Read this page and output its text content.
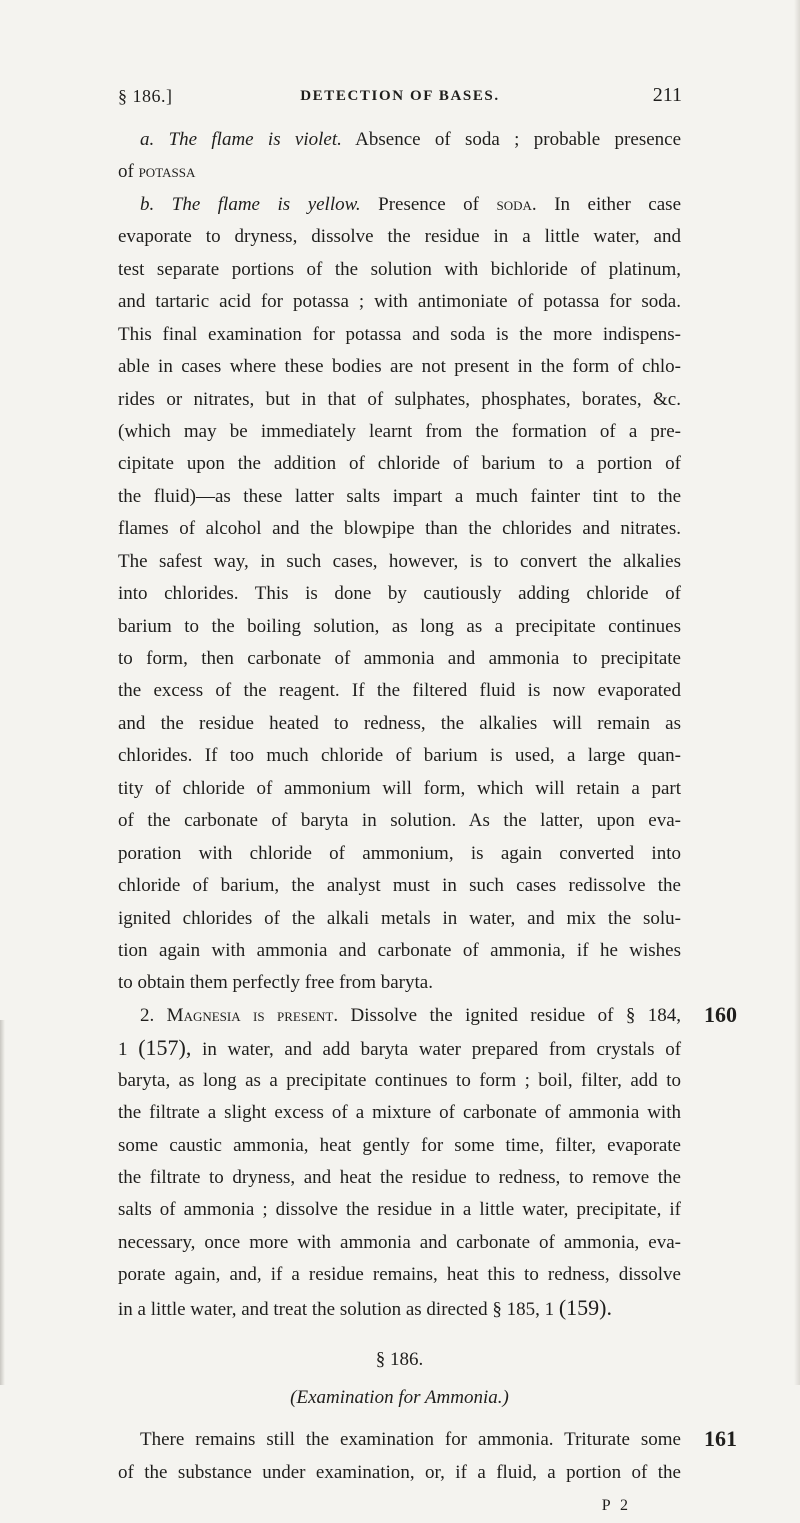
§ 186.]	DETECTION OF BASES.	211
a. The flame is violet. Absence of soda ; probable presence
of potassa
b. The flame is yellow. Presence of soda. In either case
evaporate to dryness, dissolve the residue in a little water, and
test separate portions of the solution with bichloride of platinum,
and tartaric acid for potassa ; with antimoniate of potassa for soda.
This final examination for potassa and soda is the more indispens-
able in cases where these bodies are not present in the form of chlo-
rides or nitrates, but in that of sulphates, phosphates, borates, &c.
(which may be immediately learnt from the formation of a pre-
cipitate upon the addition of chloride of barium to a portion of
the fluid)—as these latter salts impart a much fainter tint to the
flames of alcohol and the blowpipe than the chlorides and nitrates.
The safest way, in such cases, however, is to convert the alkalies
into chlorides. This is done by cautiously adding chloride of
barium to the boiling solution, as long as a precipitate continues
to form, then carbonate of ammonia and ammonia to precipitate
the excess of the reagent. If the filtered fluid is now evaporated
and the residue heated to redness, the alkalies will remain as
chlorides. If too much chloride of barium is used, a large quan-
tity of chloride of ammonium will form, which will retain a part
of the carbonate of baryta in solution. As the latter, upon eva-
poration with chloride of ammonium, is again converted into
chloride of barium, the analyst must in such cases redissolve the
ignited chlorides of the alkali metals in water, and mix the solu-
tion again with ammonia and carbonate of ammonia, if he wishes
to obtain them perfectly free from baryta.
2. Magnesia is present. Dissolve the ignited residue of § 184, 160
1 (157), in water, and add baryta water prepared from crystals of
baryta, as long as a precipitate continues to form ; boil, filter, add to
the filtrate a slight excess of a mixture of carbonate of ammonia with
some caustic ammonia, heat gently for some time, filter, evaporate
the filtrate to dryness, and heat the residue to redness, to remove the
salts of ammonia ; dissolve the residue in a little water, precipitate, if
necessary, once more with ammonia and carbonate of ammonia, eva-
porate again, and, if a residue remains, heat this to redness, dissolve
in a little water, and treat the solution as directed § 185, 1 (159).
§ 186.
(Examination for Ammonia.)
There remains still the examination for ammonia. Triturate some 161
of the substance under examination, or, if a fluid, a portion of the
P 2
